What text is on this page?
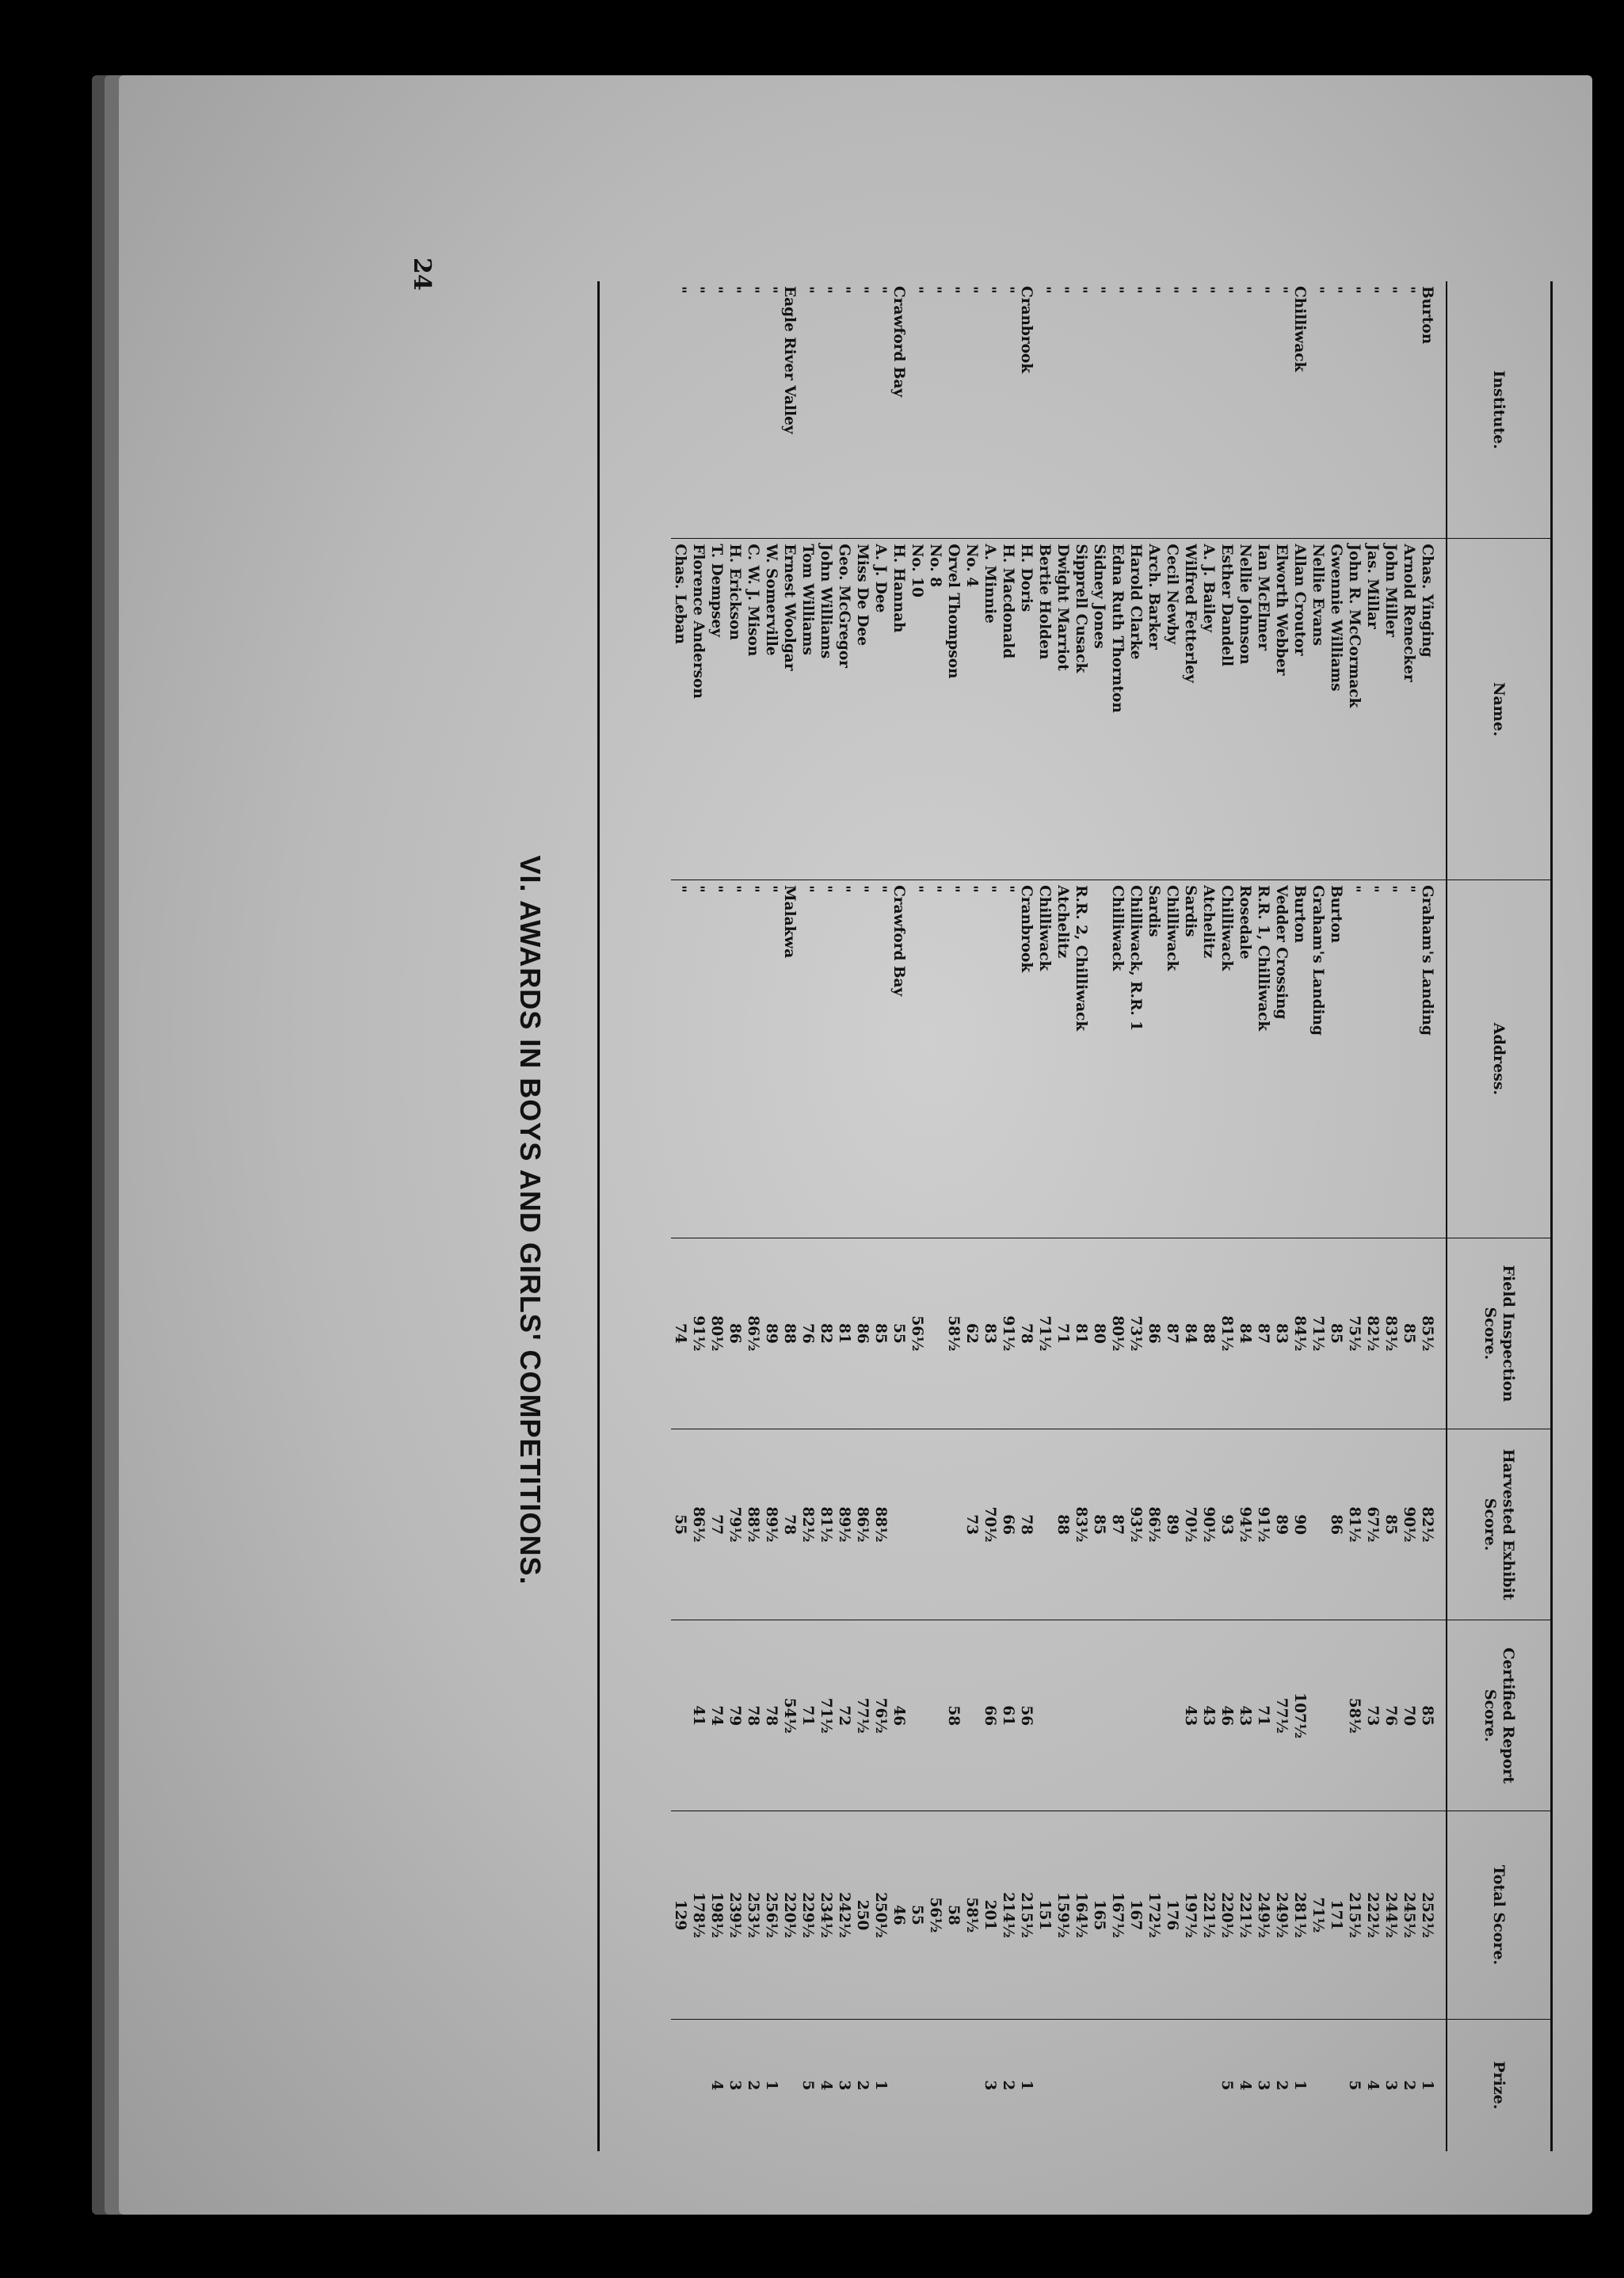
Institute.	Name.	Address.	Field Inspection Score.	Harvested Exhibit Score.	Certified Report Score.	Total Score.	Prize.
Burton	Chas. Yinging	Graham's Landing	85½	82½	85	252½	1
"	Arnold Renecker	"	85	90½	70	245½	2
"	John Miller	"	83½	85	76	244½	3
"	Jas. Millar	"	82½	67½	73	222½	4
"	John R. McCormack	"	75½	81½	58½	215½	5
"	Gwennie Williams	Burton	85	86		171	
"	Nellie Evans	Graham's Landing	71½			71½	
Chilliwack	Allan Croutor	Burton	84½	90	107½	281½	1
"	Elworth Webber	Vedder Crossing	83	89	77½	249½	2
"	Ian McElmer	R.R. 1, Chilliwack	87	91½	71	249½	3
"	Nellie Johnson	Rosedale	84	94½	43	221½	4
"	Esther Dandell	Chilliwack	81½	93	46	220½	5
"	A. J. Bailey	Atchelitz	88	90½	43	221½	
"	Wilfred Fetterley	Sardis	84	70½	43	197½	
"	Cecil Newby	Chilliwack	87	89		176	
"	Arch. Barker	Sardis	86	86½		172½	
"	Harold Clarke	Chilliwack, R.R. 1	73½	93½		167	
"	Edna Ruth Thornton	Chilliwack	80½	87		167½	
"	Sidney Jones		80	85		165	
"	Sipprell Cusack	R.R. 2, Chilliwack	81	83½		164½	
"	Dwight Marriot	Atchelitz	71	88		159½	
"	Bertie Holden	Chilliwack	71½			151	
Cranbrook	H. Doris	Cranbrook	78	78	56	215½	1
"	H. Macdonald	"	91½	66	61	214½	2
"	A. Minnie	"	83	70½	66	201	3
"	No. 4	"	62	73		58½	
"	Orvel Thompson	"	58½		58	58	
"	No. 8	"				56½	
"	No. 10	"	56½			55	
Crawford Bay	H. Hannah	Crawford Bay	55		46	46	
"	A. J. Dee	"	85	88½	76½	250½	1
"	Miss De Dee	"	86	86½	77½	250	2
"	Geo. McGregor	"	81	89½	72	242½	3
"	John Williams	"	82	81½	71½	234½	4
"	Tom Williams	"	76	82½	71	229½	5
Eagle River Valley	Ernest Woolgar	Malakwa	88	78	54½	220½	
"	W. Somerville	"	89	89½	78	256½	1
"	C. W. J. Mison	"	86½	88½	78	253½	2
"	H. Erickson	"	86	79½	79	239½	3
"	T. Dempsey	"	80½	77	74	198½	4
"	Florence Anderson	"	91½	86½	41	178½	
"	Chas. Leban	"	74	55		129	
VI. AWARDS IN BOYS AND GIRLS' COMPETITIONS.
24
